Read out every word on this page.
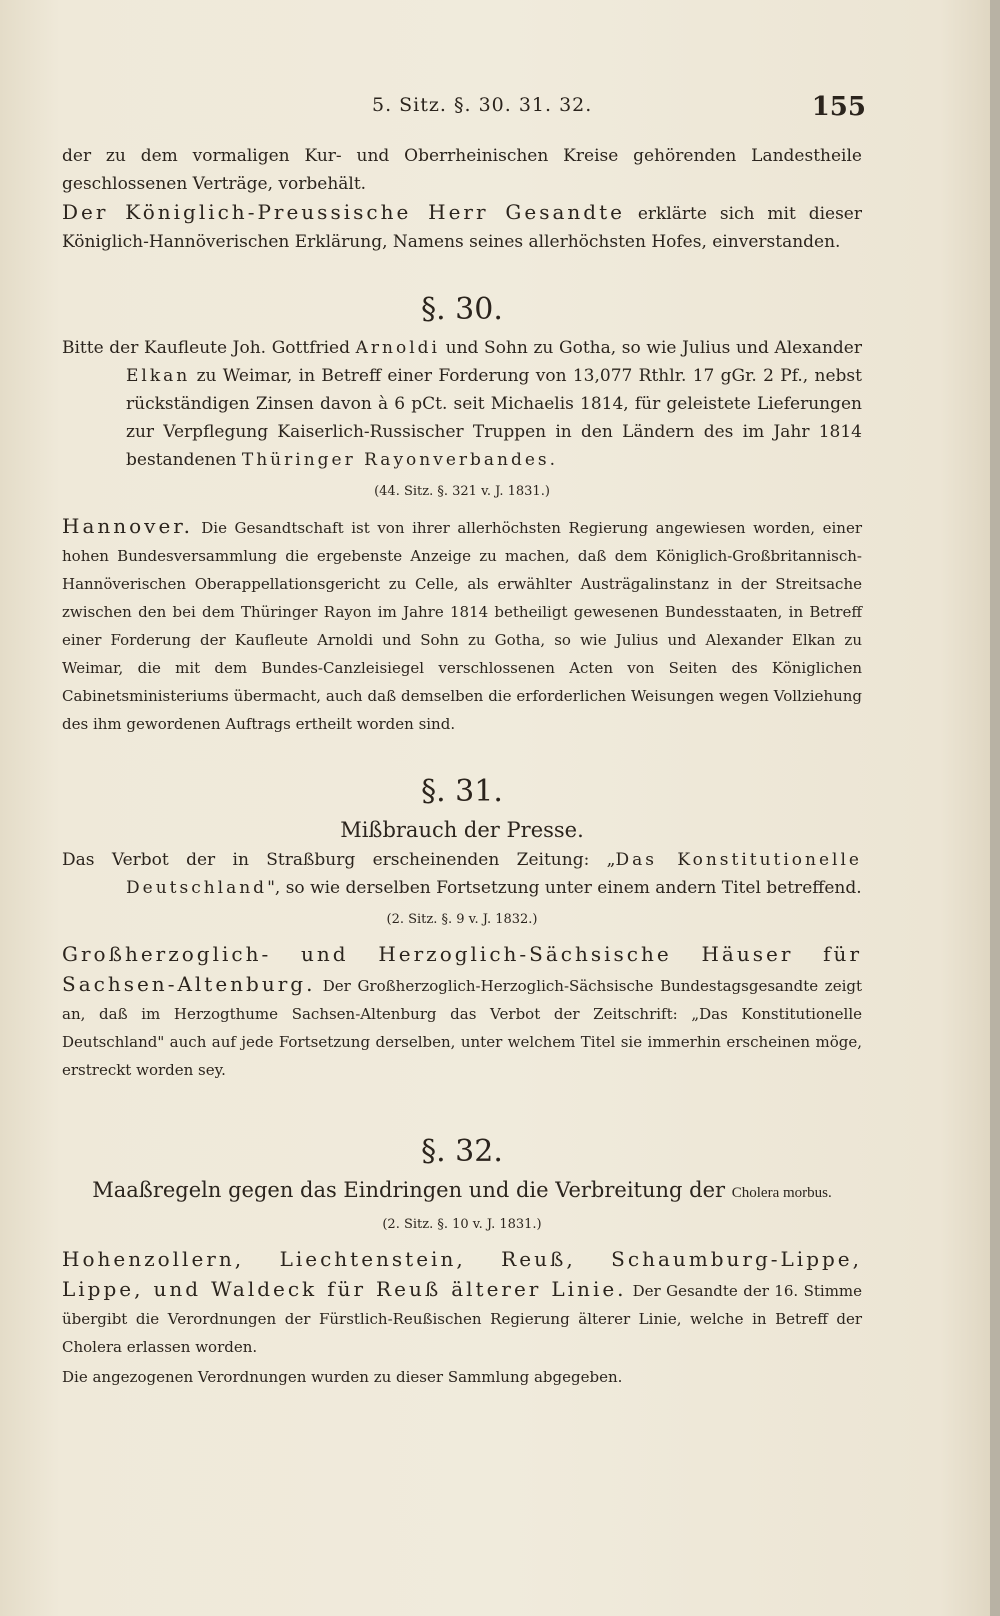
5. Sitz. §. 30. 31. 32.	155

der zu dem vormaligen Kur- und Oberrheinischen Kreise gehörenden Landestheile geschlossenen Verträge, vorbehält.

Der Königlich-Preussische Herr Gesandte erklärte sich mit dieser Königlich-Hannöverischen Erklärung, Namens seines allerhöchsten Hofes, einverstanden.

§. 30.

Bitte der Kaufleute Joh. Gottfried Arnoldi und Sohn zu Gotha, so wie Julius und Alexander Elkan zu Weimar, in Betreff einer Forderung von 13,077 Rthlr. 17 gGr. 2 Pf., nebst rückständigen Zinsen davon à 6 pCt. seit Michaelis 1814, für geleistete Lieferungen zur Verpflegung Kaiserlich-Russischer Truppen in den Ländern des im Jahr 1814 bestandenen Thüringer Rayonverbandes.

(44. Sitz. §. 321 v. J. 1831.)

Hannover. Die Gesandtschaft ist von ihrer allerhöchsten Regierung angewiesen worden, einer hohen Bundesversammlung die ergebenste Anzeige zu machen, daß dem Königlich-Großbritannisch-Hannöverischen Oberappellationsgericht zu Celle, als erwählter Austrägalinstanz in der Streitsache zwischen den bei dem Thüringer Rayon im Jahre 1814 betheiligt gewesenen Bundesstaaten, in Betreff einer Forderung der Kaufleute Arnoldi und Sohn zu Gotha, so wie Julius und Alexander Elkan zu Weimar, die mit dem Bundes-Canzleisiegel verschlossenen Acten von Seiten des Königlichen Cabinetsministeriums übermacht, auch daß demselben die erforderlichen Weisungen wegen Vollziehung des ihm gewordenen Auftrags ertheilt worden sind.

§. 31.
Mißbrauch der Presse.

Das Verbot der in Straßburg erscheinenden Zeitung: „Das Konstitutionelle Deutschland", so wie derselben Fortsetzung unter einem andern Titel betreffend.

(2. Sitz. §. 9 v. J. 1832.)

Großherzoglich- und Herzoglich-Sächsische Häuser für Sachsen-Altenburg. Der Großherzoglich-Herzoglich-Sächsische Bundestagsgesandte zeigt an, daß im Herzogthume Sachsen-Altenburg das Verbot der Zeitschrift: „Das Konstitutionelle Deutschland" auch auf jede Fortsetzung derselben, unter welchem Titel sie immerhin erscheinen möge, erstreckt worden sey.

§. 32.
Maaßregeln gegen das Eindringen und die Verbreitung der Cholera morbus.
(2. Sitz. §. 10 v. J. 1831.)

Hohenzollern, Liechtenstein, Reuß, Schaumburg-Lippe, Lippe, und Waldeck für Reuß älterer Linie. Der Gesandte der 16. Stimme übergibt die Verordnungen der Fürstlich-Reußischen Regierung älterer Linie, welche in Betreff der Cholera erlassen worden.

Die angezogenen Verordnungen wurden zu dieser Sammlung abgegeben.
